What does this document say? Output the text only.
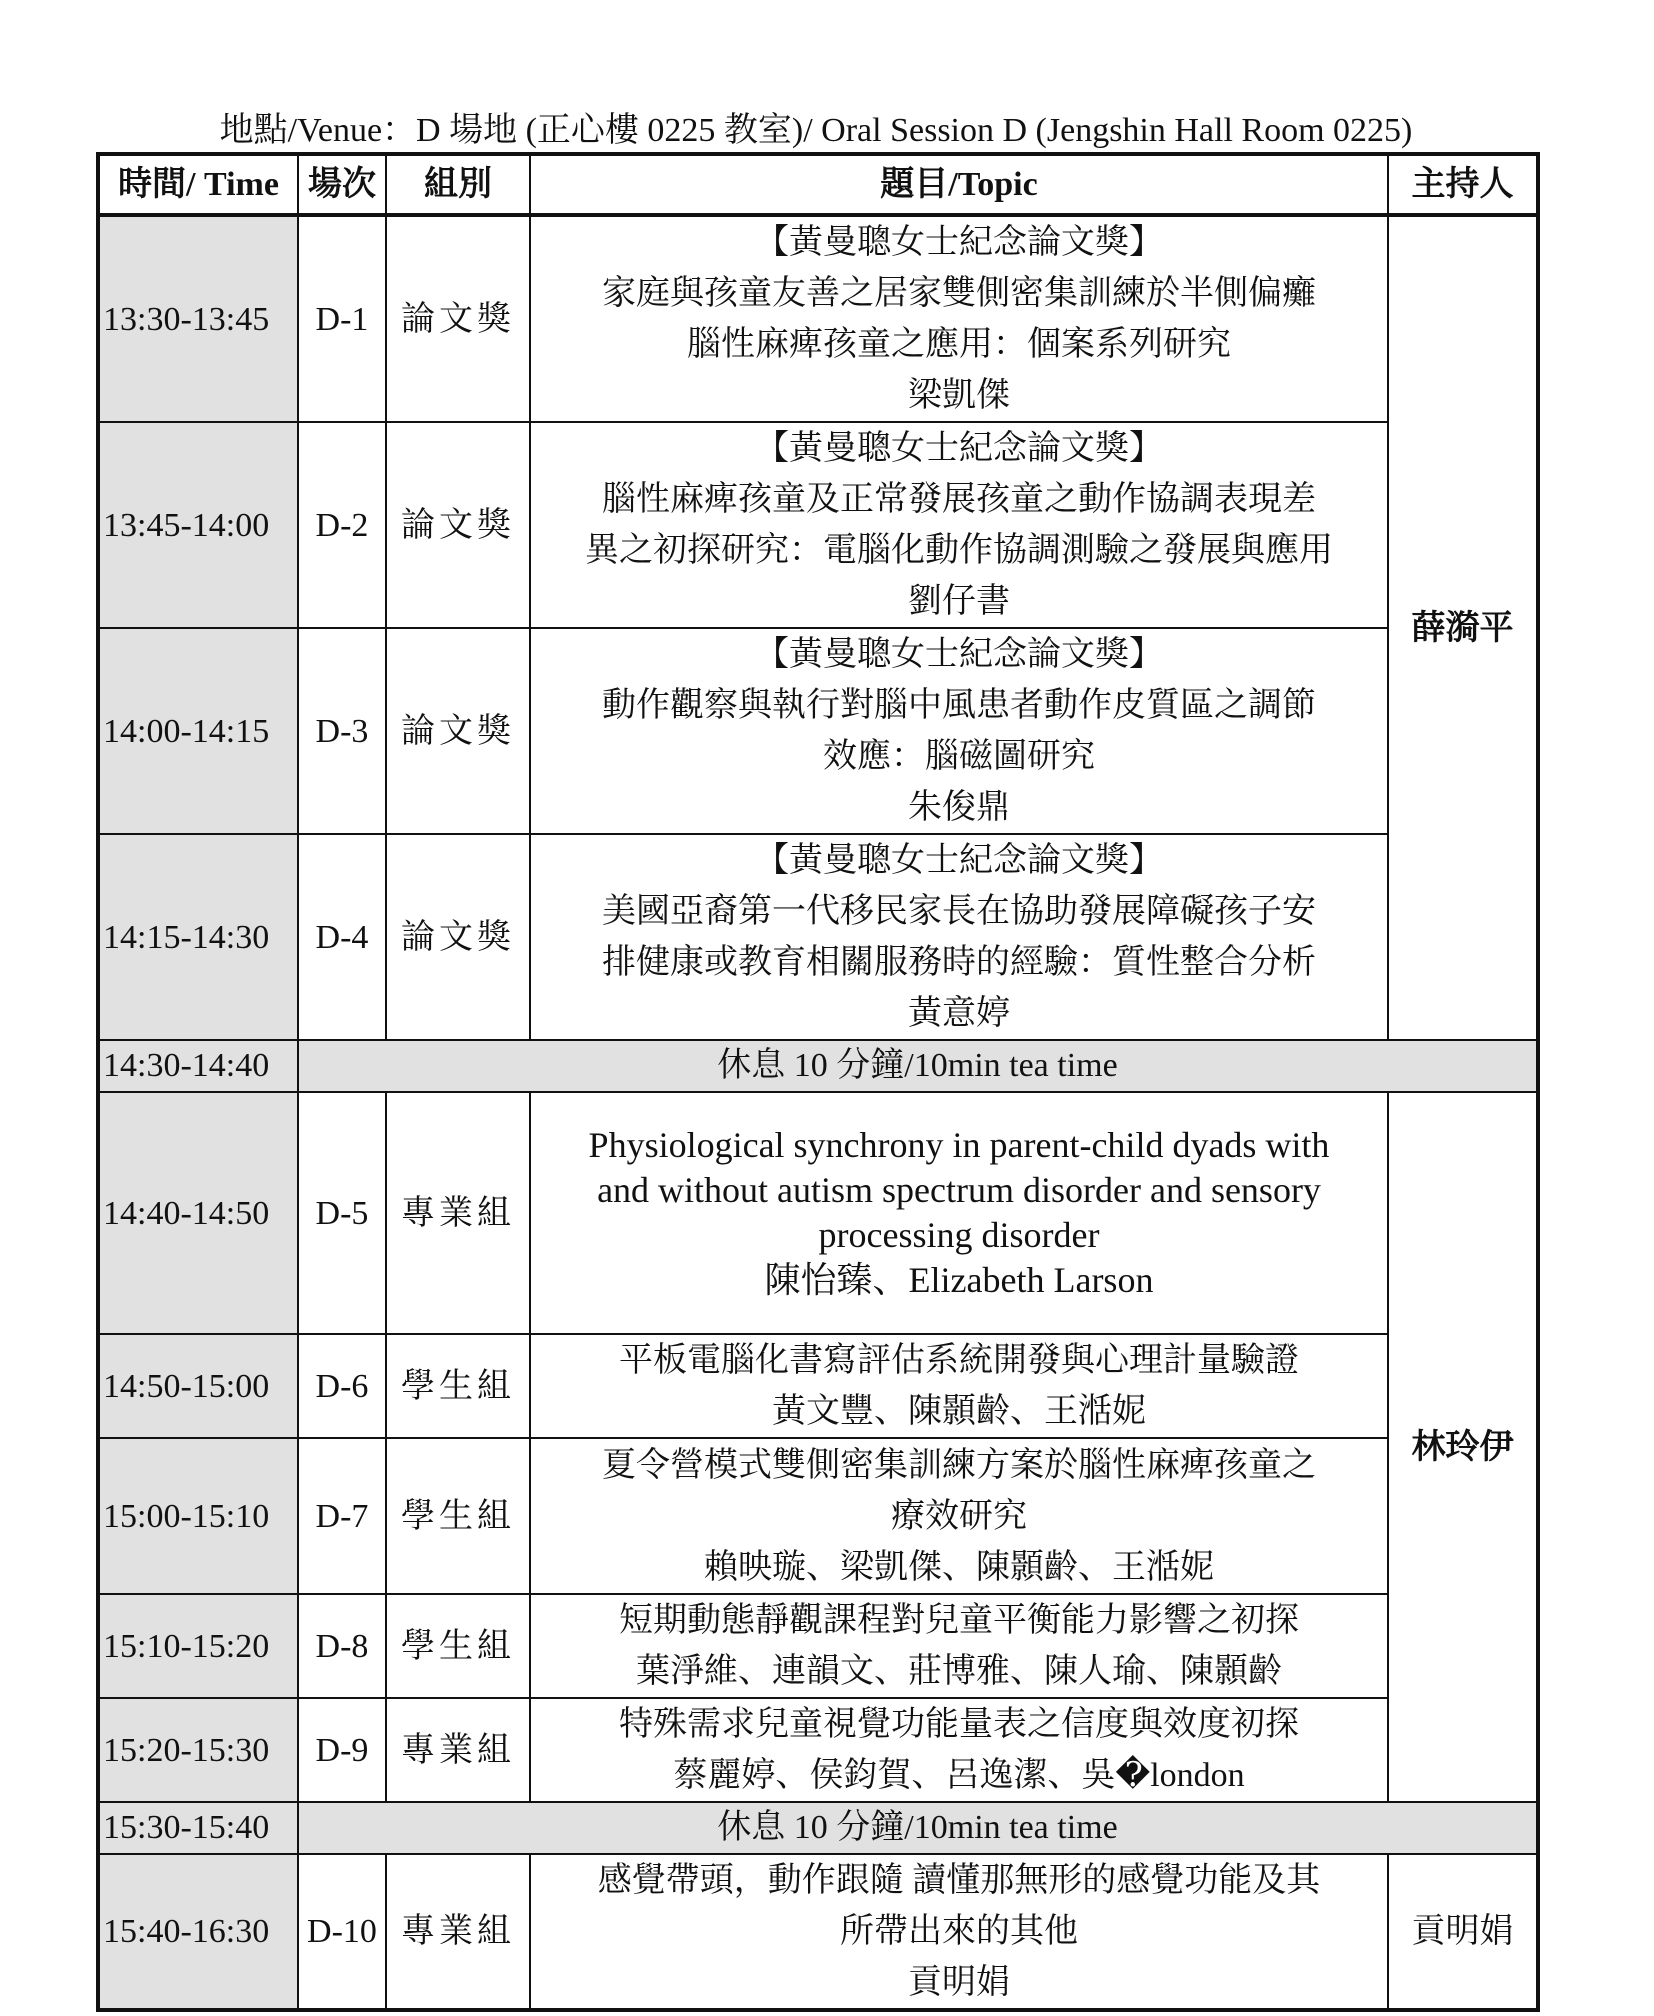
地點/Venue：D 場地 (正心樓 0225 教室)/ Oral Session D (Jengshin Hall Room 0225)
時間/ Time	場次	組別	題目/Topic	主持人
13:30-13:45	D-1	論文獎	【黃曼聰女士紀念論文獎】
家庭與孩童友善之居家雙側密集訓練於半側偏癱
腦性麻痺孩童之應用：個案系列研究
梁凱傑	薛漪平
13:45-14:00	D-2	論文獎	【黃曼聰女士紀念論文獎】
腦性麻痺孩童及正常發展孩童之動作協調表現差
異之初探研究：電腦化動作協調測驗之發展與應用
劉仔書	

14:00-14:15	D-3	論文獎	【黃曼聰女士紀念論文獎】
動作觀察與執行對腦中風患者動作皮質區之調節
效應：腦磁圖研究
朱俊鼎	

14:15-14:30	D-4	論文獎	【黃曼聰女士紀念論文獎】
美國亞裔第一代移民家長在協助發展障礙孩子安
排健康或教育相關服務時的經驗：質性整合分析
黃意婷	

14:30-14:40	休息 10 分鐘/10min tea time			
14:40-14:50	D-5	專業組	Physiological synchrony in parent-child dyads with
and without autism spectrum disorder and sensory
processing disorder
陳怡臻、Elizabeth Larson	林玲伊
14:50-15:00	D-6	學生組	平板電腦化書寫評估系統開發與心理計量驗證
黃文豐、陳顥齡、王湉妮	

15:00-15:10	D-7	學生組	夏令營模式雙側密集訓練方案於腦性麻痺孩童之
療效研究
賴映璇、梁凱傑、陳顥齡、王湉妮	

15:10-15:20	D-8	學生組	短期動態靜觀課程對兒童平衡能力影響之初探
葉淨維、連韻文、莊博雅、陳人瑜、陳顥齡	

15:20-15:30	D-9	專業組	特殊需求兒童視覺功能量表之信度與效度初探
蔡麗婷、侯鈞賀、呂逸潔、吳�london	

15:30-15:40	休息 10 分鐘/10min tea time			
15:40-16:30	D-10	專業組	感覺帶頭，動作跟隨 讀懂那無形的感覺功能及其
所帶出來的其他
貢明娟	貢明娟
